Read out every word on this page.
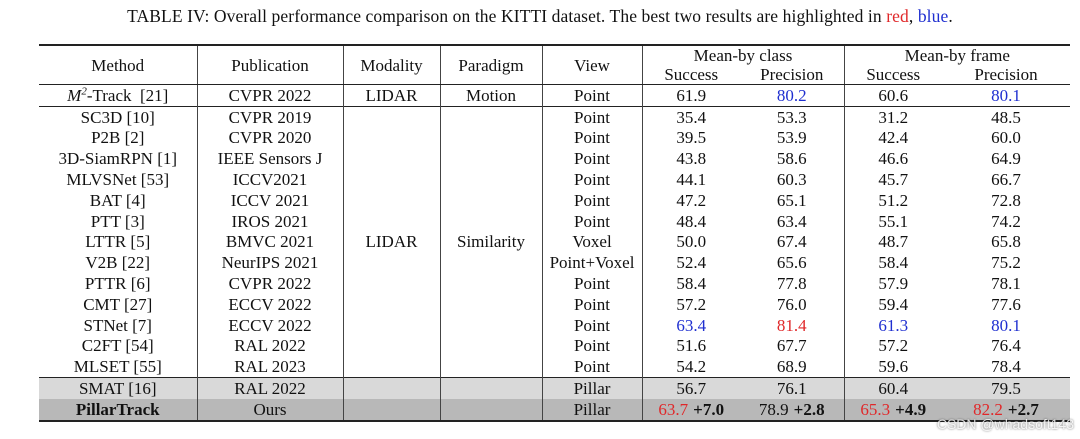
TABLE IV: Overall performance comparison on the KITTI dataset. The best two results are highlighted in red, blue.
Method	Publication	Modality	Paradigm	View	Mean-by class		Mean-by frame	
					Success	Precision	Success	Precision
$M^2$-Track  [21]	CVPR 2022	LIDAR	Motion	Point	61.9	80.2	60.6	80.1
SC3D [10]	CVPR 2019	LIDAR	Similarity	Point	35.4	53.3	31.2	48.5
P2B [2]	CVPR 2020			Point	39.5	53.9	42.4	60.0
3D-SiamRPN [1]	IEEE Sensors J			Point	43.8	58.6	46.6	64.9
MLVSNet [53]	ICCV2021			Point	44.1	60.3	45.7	66.7
BAT [4]	ICCV 2021			Point	47.2	65.1	51.2	72.8
PTT [3]	IROS 2021			Point	48.4	63.4	55.1	74.2
LTTR [5]	BMVC 2021			Voxel	50.0	67.4	48.7	65.8
V2B [22]	NeurIPS 2021			Point+Voxel	52.4	65.6	58.4	75.2
PTTR [6]	CVPR 2022			Point	58.4	77.8	57.9	78.1
CMT [27]	ECCV 2022			Point	57.2	76.0	59.4	77.6
STNet [7]	ECCV 2022			Point	63.4	81.4	61.3	80.1
C2FT [54]	RAL 2022			Point	51.6	67.7	57.2	76.4
MLSET [55]	RAL 2023			Point	54.2	68.9	59.6	78.4
SMAT [16]	RAL 2022			Pillar	56.7	76.1	60.4	79.5
PillarTrack	Ours			Pillar	63.7 +7.0	78.9 +2.8	65.3 +4.9	82.2 +2.7
CSDN @whadsoft143
